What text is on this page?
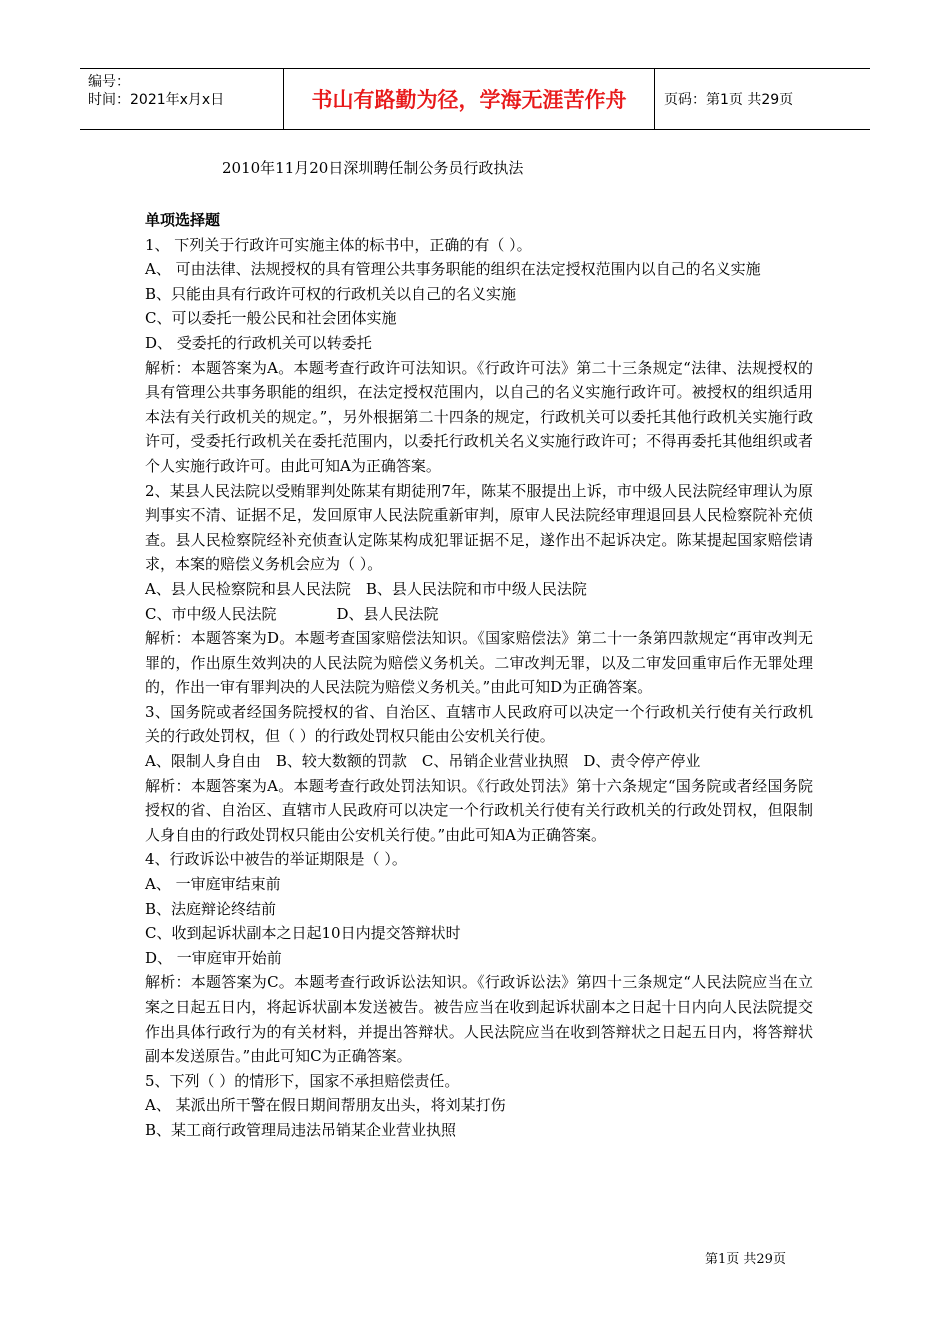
编号：
时间：2021年x月x日	书山有路勤为径，学海无涯苦作舟	页码：第1页 共29页
2010年11月20日深圳聘任制公务员行政执法

单项选择题

1、 下列关于行政许可实施主体的标书中，正确的有（ ）。

A、 可由法律、法规授权的具有管理公共事务职能的组织在法定授权范围内以自己的名义实施

B、只能由具有行政许可权的行政机关以自己的名义实施

C、可以委托一般公民和社会团体实施

D、 受委托的行政机关可以转委托

解析：本题答案为A。本题考查行政许可法知识。《行政许可法》第二十三条规定“法律、法规授权的具有管理公共事务职能的组织，在法定授权范围内，以自己的名义实施行政许可。被授权的组织适用本法有关行政机关的规定。”，另外根据第二十四条的规定，行政机关可以委托其他行政机关实施行政许可，受委托行政机关在委托范围内，以委托行政机关名义实施行政许可；不得再委托其他组织或者个人实施行政许可。由此可知A为正确答案。

2、某县人民法院以受贿罪判处陈某有期徒刑7年，陈某不服提出上诉，市中级人民法院经审理认为原判事实不清、证据不足，发回原审人民法院重新审判，原审人民法院经审理退回县人民检察院补充侦查。县人民检察院经补充侦查认定陈某构成犯罪证据不足，遂作出不起诉决定。陈某提起国家赔偿请求，本案的赔偿义务机会应为（ ）。

A、县人民检察院和县人民法院　B、县人民法院和市中级人民法院

C、市中级人民法院　　　　D、县人民法院

解析：本题答案为D。本题考查国家赔偿法知识。《国家赔偿法》第二十一条第四款规定“再审改判无罪的，作出原生效判决的人民法院为赔偿义务机关。二审改判无罪，以及二审发回重审后作无罪处理的，作出一审有罪判决的人民法院为赔偿义务机关。”由此可知D为正确答案。

3、国务院或者经国务院授权的省、自治区、直辖市人民政府可以决定一个行政机关行使有关行政机关的行政处罚权，但（ ）的行政处罚权只能由公安机关行使。

A、限制人身自由　B、较大数额的罚款　C、吊销企业营业执照　D、责令停产停业

解析：本题答案为A。本题考查行政处罚法知识。《行政处罚法》第十六条规定“国务院或者经国务院授权的省、自治区、直辖市人民政府可以决定一个行政机关行使有关行政机关的行政处罚权，但限制人身自由的行政处罚权只能由公安机关行使。”由此可知A为正确答案。

4、行政诉讼中被告的举证期限是（ ）。

A、 一审庭审结束前

B、法庭辩论终结前

C、收到起诉状副本之日起10日内提交答辩状时

D、 一审庭审开始前

解析：本题答案为C。本题考查行政诉讼法知识。《行政诉讼法》第四十三条规定“人民法院应当在立案之日起五日内，将起诉状副本发送被告。被告应当在收到起诉状副本之日起十日内向人民法院提交作出具体行政行为的有关材料，并提出答辩状。人民法院应当在收到答辩状之日起五日内，将答辩状副本发送原告。”由此可知C为正确答案。

5、下列（ ）的情形下，国家不承担赔偿责任。

A、 某派出所干警在假日期间帮朋友出头，将刘某打伤

B、某工商行政管理局违法吊销某企业营业执照

第1页 共29页
